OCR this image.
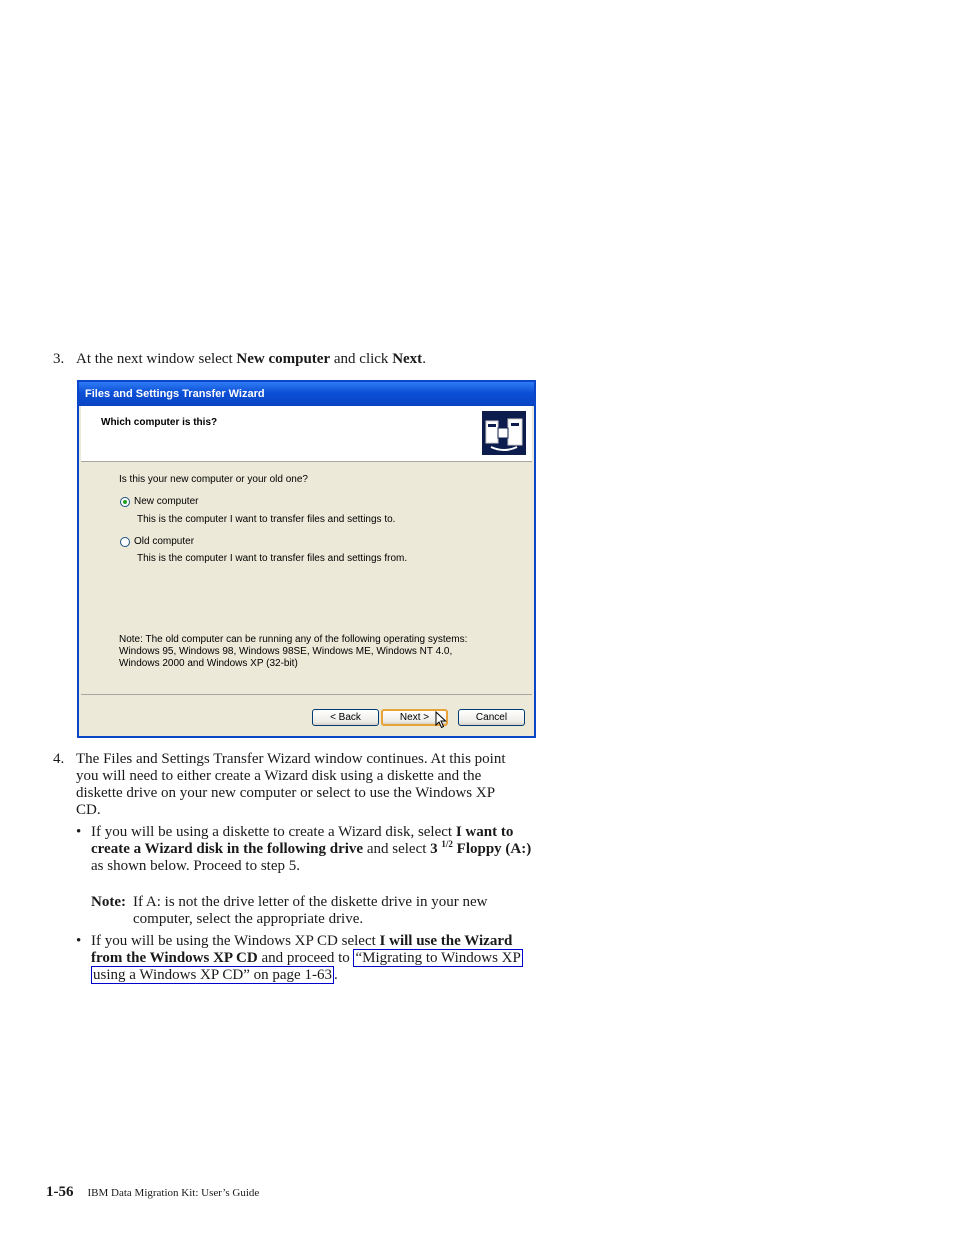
3. At the next window select New computer and click Next.
Files and Settings Transfer Wizard
Which computer is this?
Is this your new computer or your old one?
New computer
This is the computer I want to transfer files and settings to.
Old computer
This is the computer I want to transfer files and settings from.
Note: The old computer can be running any of the following operating systems:
Windows 95, Windows 98, Windows 98SE, Windows ME, Windows NT 4.0,
Windows 2000 and Windows XP (32-bit)
< Back	Next >	Cancel
4. The Files and Settings Transfer Wizard window continues. At this point
you will need to either create a Wizard disk using a diskette and the
diskette drive on your new computer or select to use the Windows XP
CD.
• If you will be using a diskette to create a Wizard disk, select I want to
create a Wizard disk in the following drive and select 3 $^{1/2}$ Floppy (A:)
as shown below. Proceed to step 5.
Note: If A: is not the drive letter of the diskette drive in your new
computer, select the appropriate drive.
• If you will be using the Windows XP CD select I will use the Wizard
from the Windows XP CD and proceed to “Migrating to Windows XP
using a Windows XP CD” on page 1-63 .
1-56 IBM Data Migration Kit: User’s Guide
